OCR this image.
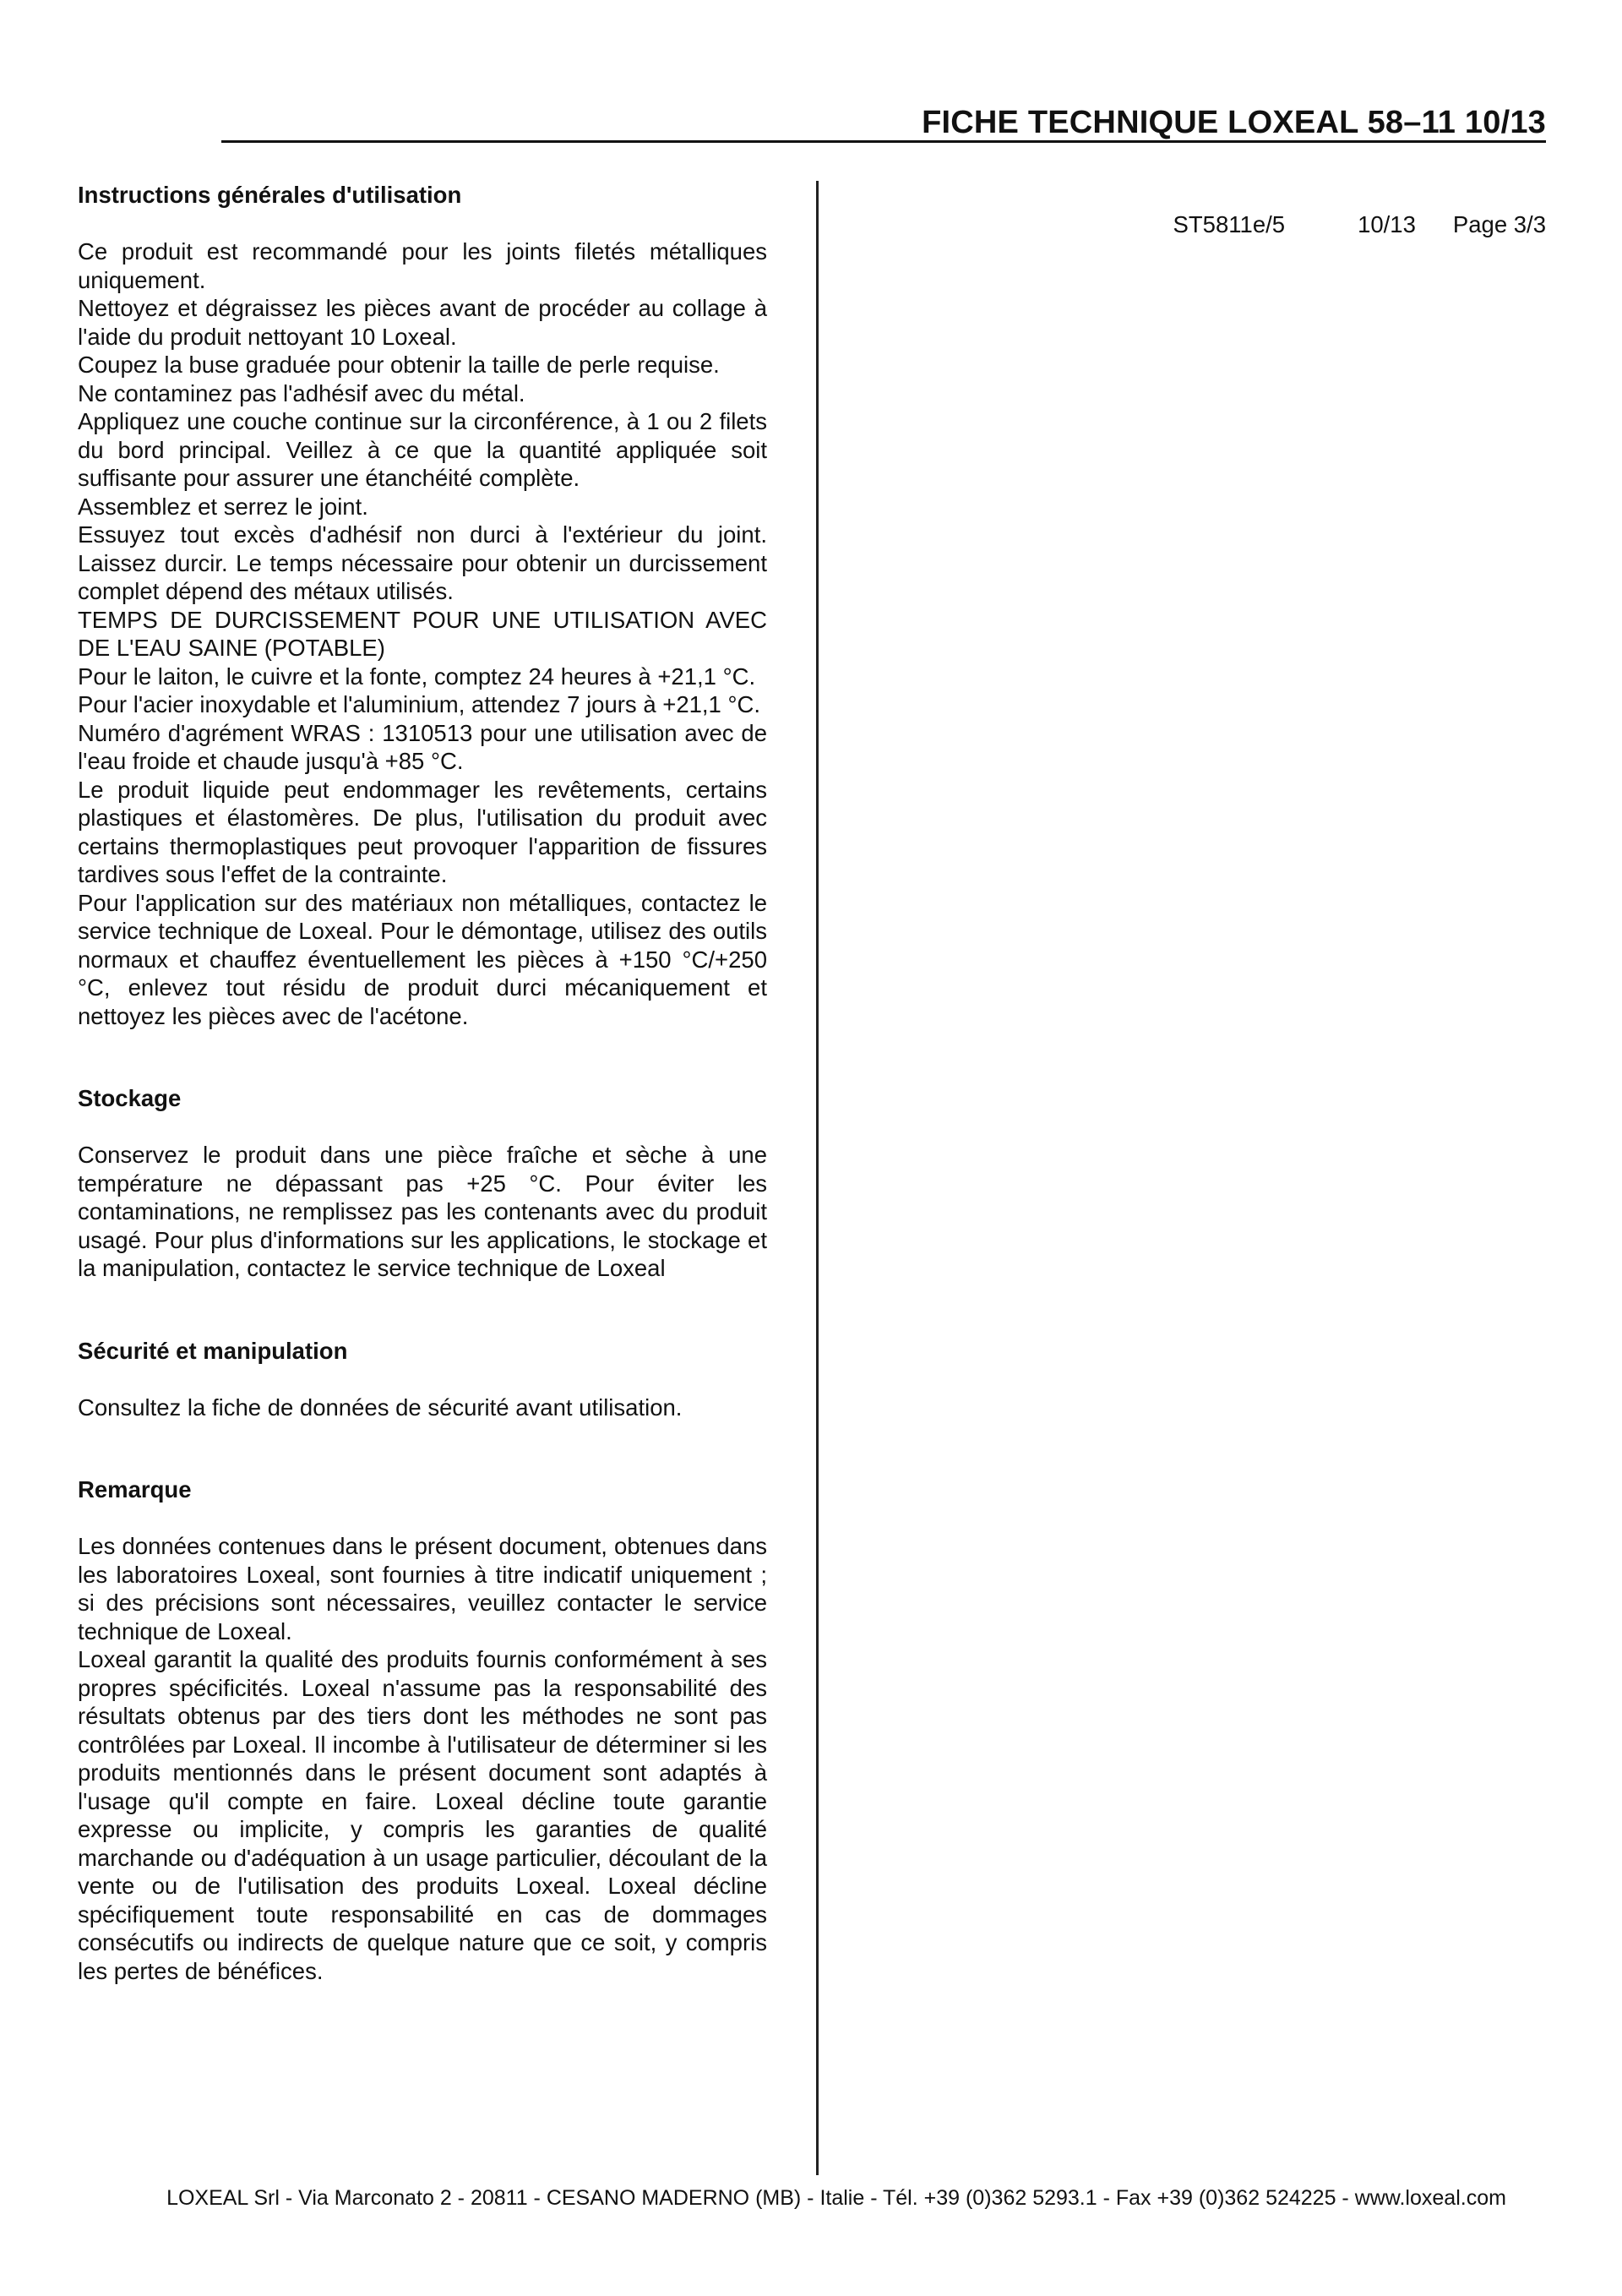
FICHE TECHNIQUE LOXEAL 58–11 10/13
ST5811e/5	10/13 Page 3/3

Instructions générales d'utilisation

Ce produit est recommandé pour les joints filetés métalliques uniquement.

Nettoyez et dégraissez les pièces avant de procéder au collage à l'aide du produit nettoyant 10 Loxeal.

Coupez la buse graduée pour obtenir la taille de perle requise.

Ne contaminez pas l'adhésif avec du métal.

Appliquez une couche continue sur la circonférence, à 1 ou 2 filets du bord principal. Veillez à ce que la quantité appliquée soit suffisante pour assurer une étanchéité complète.

Assemblez et serrez le joint.

Essuyez tout excès d'adhésif non durci à l'extérieur du joint. Laissez durcir. Le temps nécessaire pour obtenir un durcissement complet dépend des métaux utilisés.

TEMPS DE DURCISSEMENT POUR UNE UTILISATION AVEC DE L'EAU SAINE (POTABLE)

Pour le laiton, le cuivre et la fonte, comptez 24 heures à +21,1 °C.

Pour l'acier inoxydable et l'aluminium, attendez 7 jours à +21,1 °C.

Numéro d'agrément WRAS : 1310513 pour une utilisation avec de l'eau froide et chaude jusqu'à +85 °C.

Le produit liquide peut endommager les revêtements, certains plastiques et élastomères. De plus, l'utilisation du produit avec certains thermoplastiques peut provoquer l'apparition de fissures tardives sous l'effet de la contrainte.

Pour l'application sur des matériaux non métalliques, contactez le service technique de Loxeal. Pour le démontage, utilisez des outils normaux et chauffez éventuellement les pièces à +150 °C/+250 °C, enlevez tout résidu de produit durci mécaniquement et nettoyez les pièces avec de l'acétone.

Stockage

Conservez le produit dans une pièce fraîche et sèche à une température ne dépassant pas +25 °C. Pour éviter les contaminations, ne remplissez pas les contenants avec du produit usagé. Pour plus d'informations sur les applications, le stockage et la manipulation, contactez le service technique de Loxeal

Sécurité et manipulation

Consultez la fiche de données de sécurité avant utilisation.

Remarque

Les données contenues dans le présent document, obtenues dans les laboratoires Loxeal, sont fournies à titre indicatif uniquement ; si des précisions sont nécessaires, veuillez contacter le service technique de Loxeal.

Loxeal garantit la qualité des produits fournis conformément à ses propres spécificités. Loxeal n'assume pas la responsabilité des résultats obtenus par des tiers dont les méthodes ne sont pas contrôlées par Loxeal. Il incombe à l'utilisateur de déterminer si les produits mentionnés dans le présent document sont adaptés à l'usage qu'il compte en faire. Loxeal décline toute garantie expresse ou implicite, y compris les garanties de qualité marchande ou d'adéquation à un usage particulier, découlant de la vente ou de l'utilisation des produits Loxeal. Loxeal décline spécifiquement toute responsabilité en cas de dommages consécutifs ou indirects de quelque nature que ce soit, y compris les pertes de bénéfices.

LOXEAL Srl - Via Marconato 2 - 20811 - CESANO MADERNO (MB) - Italie - Tél. +39 (0)362 5293.1 - Fax +39 (0)362 524225 - www.loxeal.com
